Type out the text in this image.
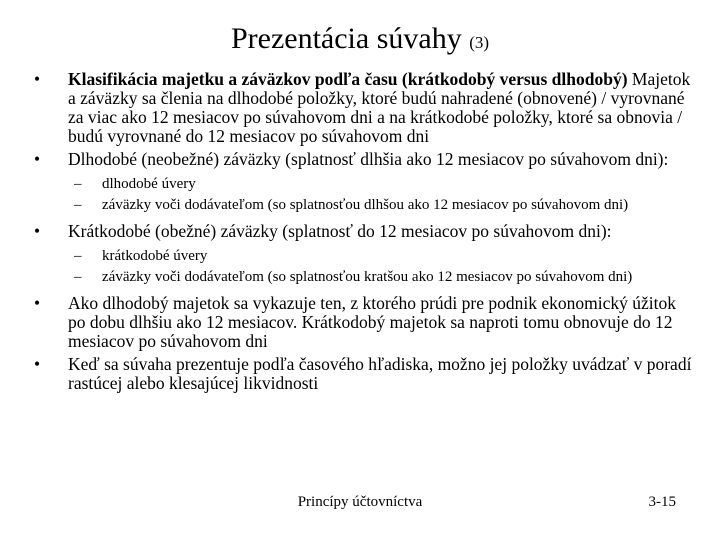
Prezentácia súvahy (3)
• Klasifikácia majetku a záväzkov podľa času (krátkodobý versus dlhodobý) Majetok a záväzky sa členia na dlhodobé položky, ktoré budú nahradené (obnovené) / vyrovnané za viac ako 12 mesiacov po súvahovom dni a na krátkodobé položky, ktoré sa obnovia / budú vyrovnané do 12 mesiacov po súvahovom dni
• Dlhodobé (neobežné) záväzky (splatnosť dlhšia ako 12 mesiacov po súvahovom dni):
– dlhodobé úvery
– záväzky voči dodávateľom (so splatnosťou dlhšou ako 12 mesiacov po súvahovom dni)
• Krátkodobé (obežné) záväzky (splatnosť do 12 mesiacov po súvahovom dni):
– krátkodobé úvery
– záväzky voči dodávateľom (so splatnosťou kratšou ako 12 mesiacov po súvahovom dni)
• Ako dlhodobý majetok sa vykazuje ten, z ktorého prúdi pre podnik ekonomický úžitok po dobu dlhšiu ako 12 mesiacov. Krátkodobý majetok sa naproti tomu obnovuje do 12 mesiacov po súvahovom dni
• Keď sa súvaha prezentuje podľa časového hľadiska, možno jej položky uvádzať v poradí rastúcej alebo klesajúcej likvidnosti
Princípy účtovníctva	3-15
